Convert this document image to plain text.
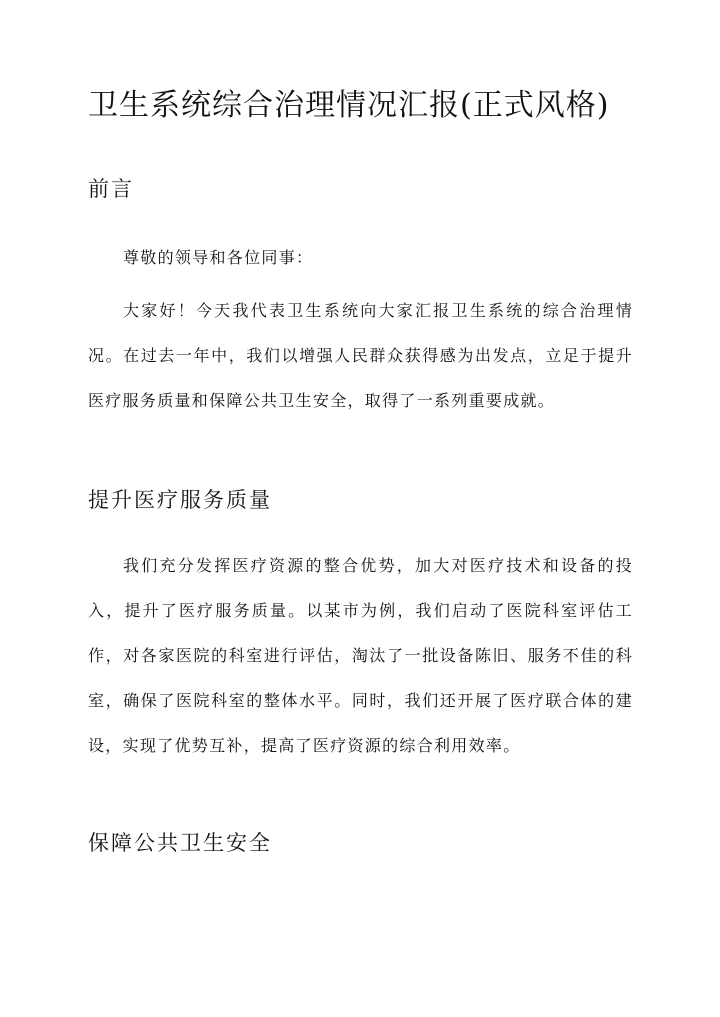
卫生系统综合治理情况汇报(正式风格)
前言

尊敬的领导和各位同事：

大家好！今天我代表卫生系统向大家汇报卫生系统的综合治理情况。在过去一年中，我们以增强人民群众获得感为出发点，立足于提升医疗服务质量和保障公共卫生安全，取得了一系列重要成就。

提升医疗服务质量

我们充分发挥医疗资源的整合优势，加大对医疗技术和设备的投入，提升了医疗服务质量。以某市为例，我们启动了医院科室评估工作，对各家医院的科室进行评估，淘汰了一批设备陈旧、服务不佳的科室，确保了医院科室的整体水平。同时，我们还开展了医疗联合体的建设，实现了优势互补，提高了医疗资源的综合利用效率。

保障公共卫生安全
